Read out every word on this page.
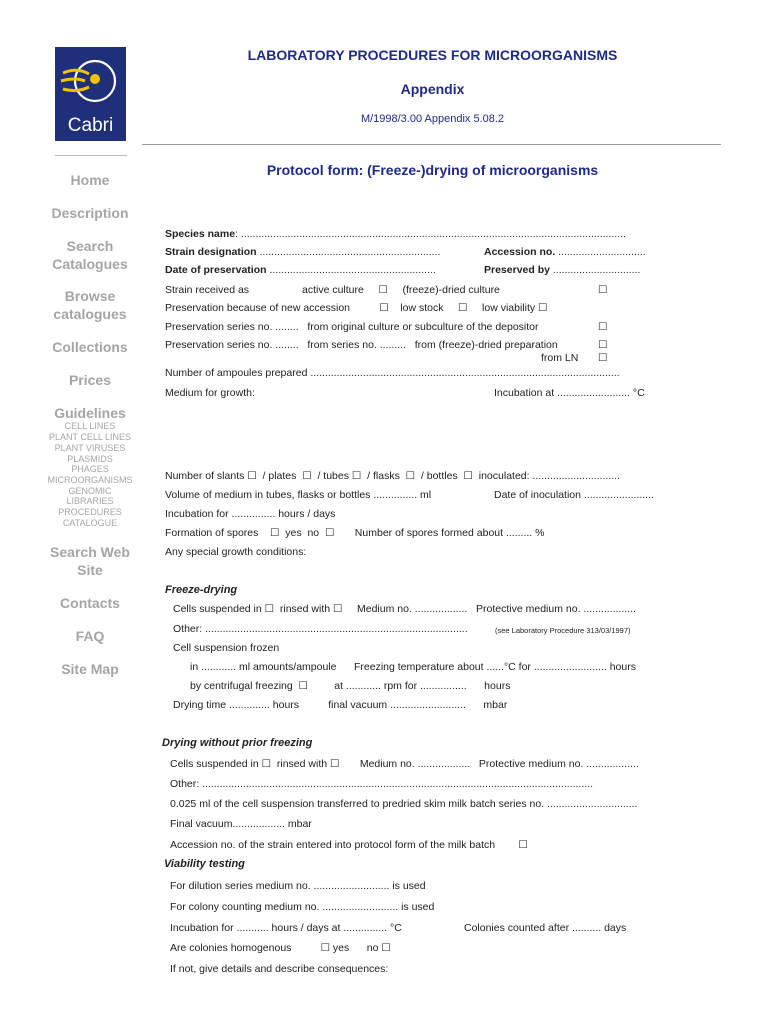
Cabri
Home
Description
Search
Catalogues
Browse
catalogues
Collections
Prices
Guidelines
CELL LINES
PLANT CELL LINES
PLANT VIRUSES
PLASMIDS
PHAGES
MICROORGANISMS
GENOMIC
LIBRARIES
PROCEDURES
CATALOGUE
Search Web
Site
Contacts
FAQ
Site Map
LABORATORY PROCEDURES FOR MICROORGANISMS
Appendix
M/1998/3.00 Appendix 5.08.2
Protocol form: (Freeze-)drying of microorganisms
Species name: ....................................................................................................................................
Strain designation ..............................................................	Accession no. ..............................
Date of preservation .........................................................	Preserved by ..............................
Strain received as	active culture     ☐     (freeze)-dried culture	☐
Preservation because of new accession          ☐    low stock     ☐     low viability ☐
Preservation series no. ........   from original culture or subculture of the depositor	☐
Preservation series no. ........   from series no. .........   from (freeze)-dried preparation	☐
from LN ☐
Number of ampoules prepared ..........................................................................................................
Medium for growth:	Incubation at ......................... °C
Number of slants ☐  / plates  ☐  / tubes ☐  / flasks  ☐  / bottles  ☐  inoculated: ..............................
Volume of medium in tubes, flasks or bottles ............... ml	Date of inoculation ........................
Incubation for ............... hours / days
Formation of spores    ☐  yes  no  ☐       Number of spores formed about ......... %
Any special growth conditions:
Freeze-drying
Cells suspended in ☐  rinsed with ☐     Medium no. ..................   Protective medium no. ..................
Other: ..........................................................................................	(see Laboratory Procedure 313/03/1997)
Cell suspension frozen
in ............ ml amounts/ampoule      Freezing temperature about ......°C for ......................... hours
by centrifugal freezing  ☐         at ............ rpm for ................      hours
Drying time .............. hours          final vacuum ..........................      mbar
Drying without prior freezing
Cells suspended in ☐  rinsed with ☐       Medium no. ..................   Protective medium no. ..................
Other: ......................................................................................................................................
0.025 ml of the cell suspension transferred to predried skim milk batch series no. ...............................
Final vacuum.................. mbar
Accession no. of the strain entered into protocol form of the milk batch        ☐
Viability testing
For dilution series medium no. .......................... is used
For colony counting medium no. .......................... is used
Incubation for ........... hours / days at ............... °C	Colonies counted after .......... days
Are colonies homogenous          ☐ yes      no ☐
If not, give details and describe consequences:
